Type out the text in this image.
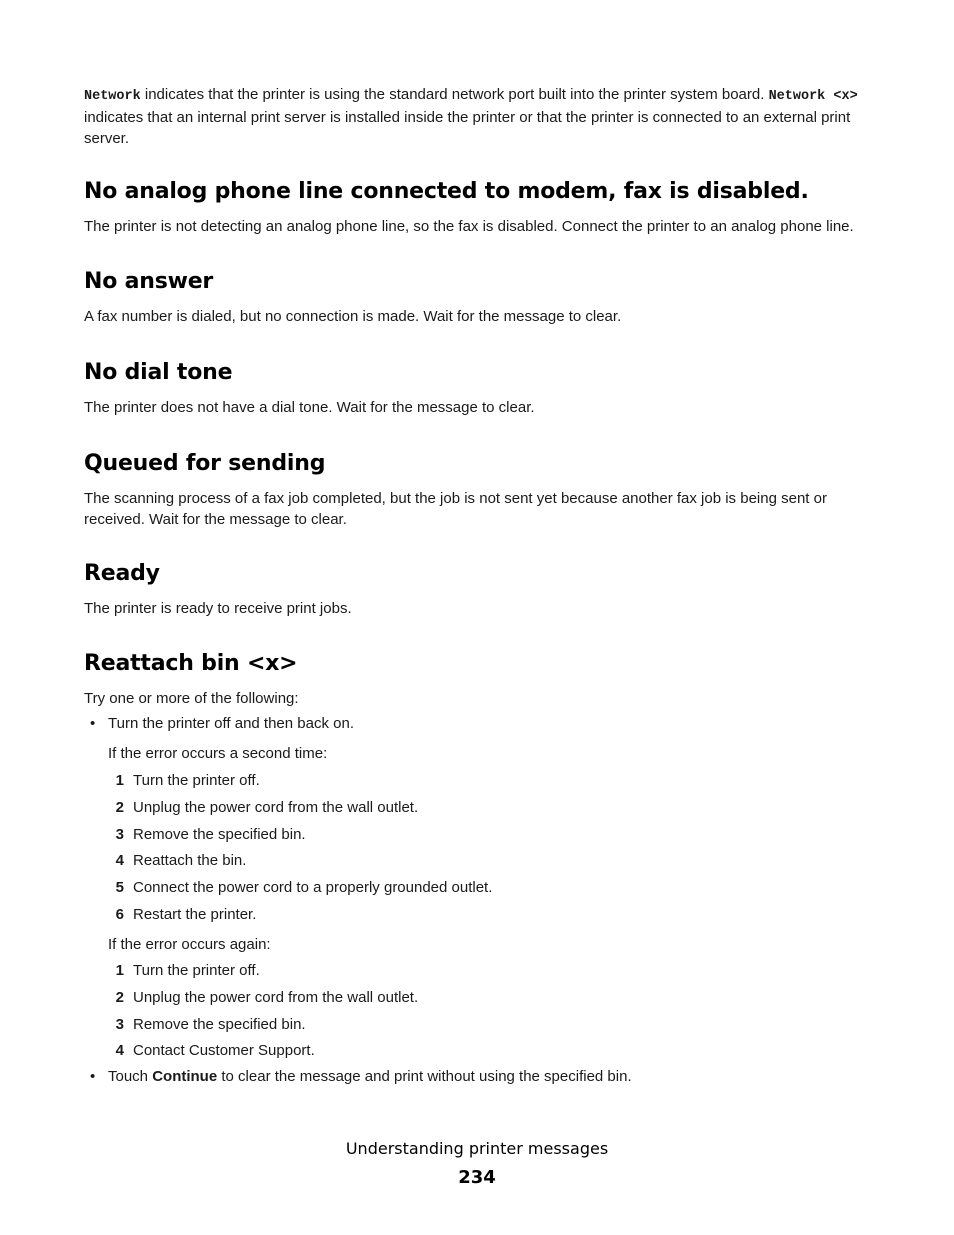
Network indicates that the printer is using the standard network port built into the printer system board. Network <x> indicates that an internal print server is installed inside the printer or that the printer is connected to an external print server.

No analog phone line connected to modem, fax is disabled.

The printer is not detecting an analog phone line, so the fax is disabled. Connect the printer to an analog phone line.

No answer

A fax number is dialed, but no connection is made. Wait for the message to clear.

No dial tone

The printer does not have a dial tone. Wait for the message to clear.

Queued for sending

The scanning process of a fax job completed, but the job is not sent yet because another fax job is being sent or received. Wait for the message to clear.

Ready

The printer is ready to receive print jobs.

Reattach bin <x>

Try one or more of the following:

• Turn the printer off and then back on.
If the error occurs a second time:
1 Turn the printer off.
2 Unplug the power cord from the wall outlet.
3 Remove the specified bin.
4 Reattach the bin.
5 Connect the power cord to a properly grounded outlet.
6 Restart the printer.
If the error occurs again:
1 Turn the printer off.
2 Unplug the power cord from the wall outlet.
3 Remove the specified bin.
4 Contact Customer Support.
• Touch Continue to clear the message and print without using the specified bin.
Understanding printer messages
234
